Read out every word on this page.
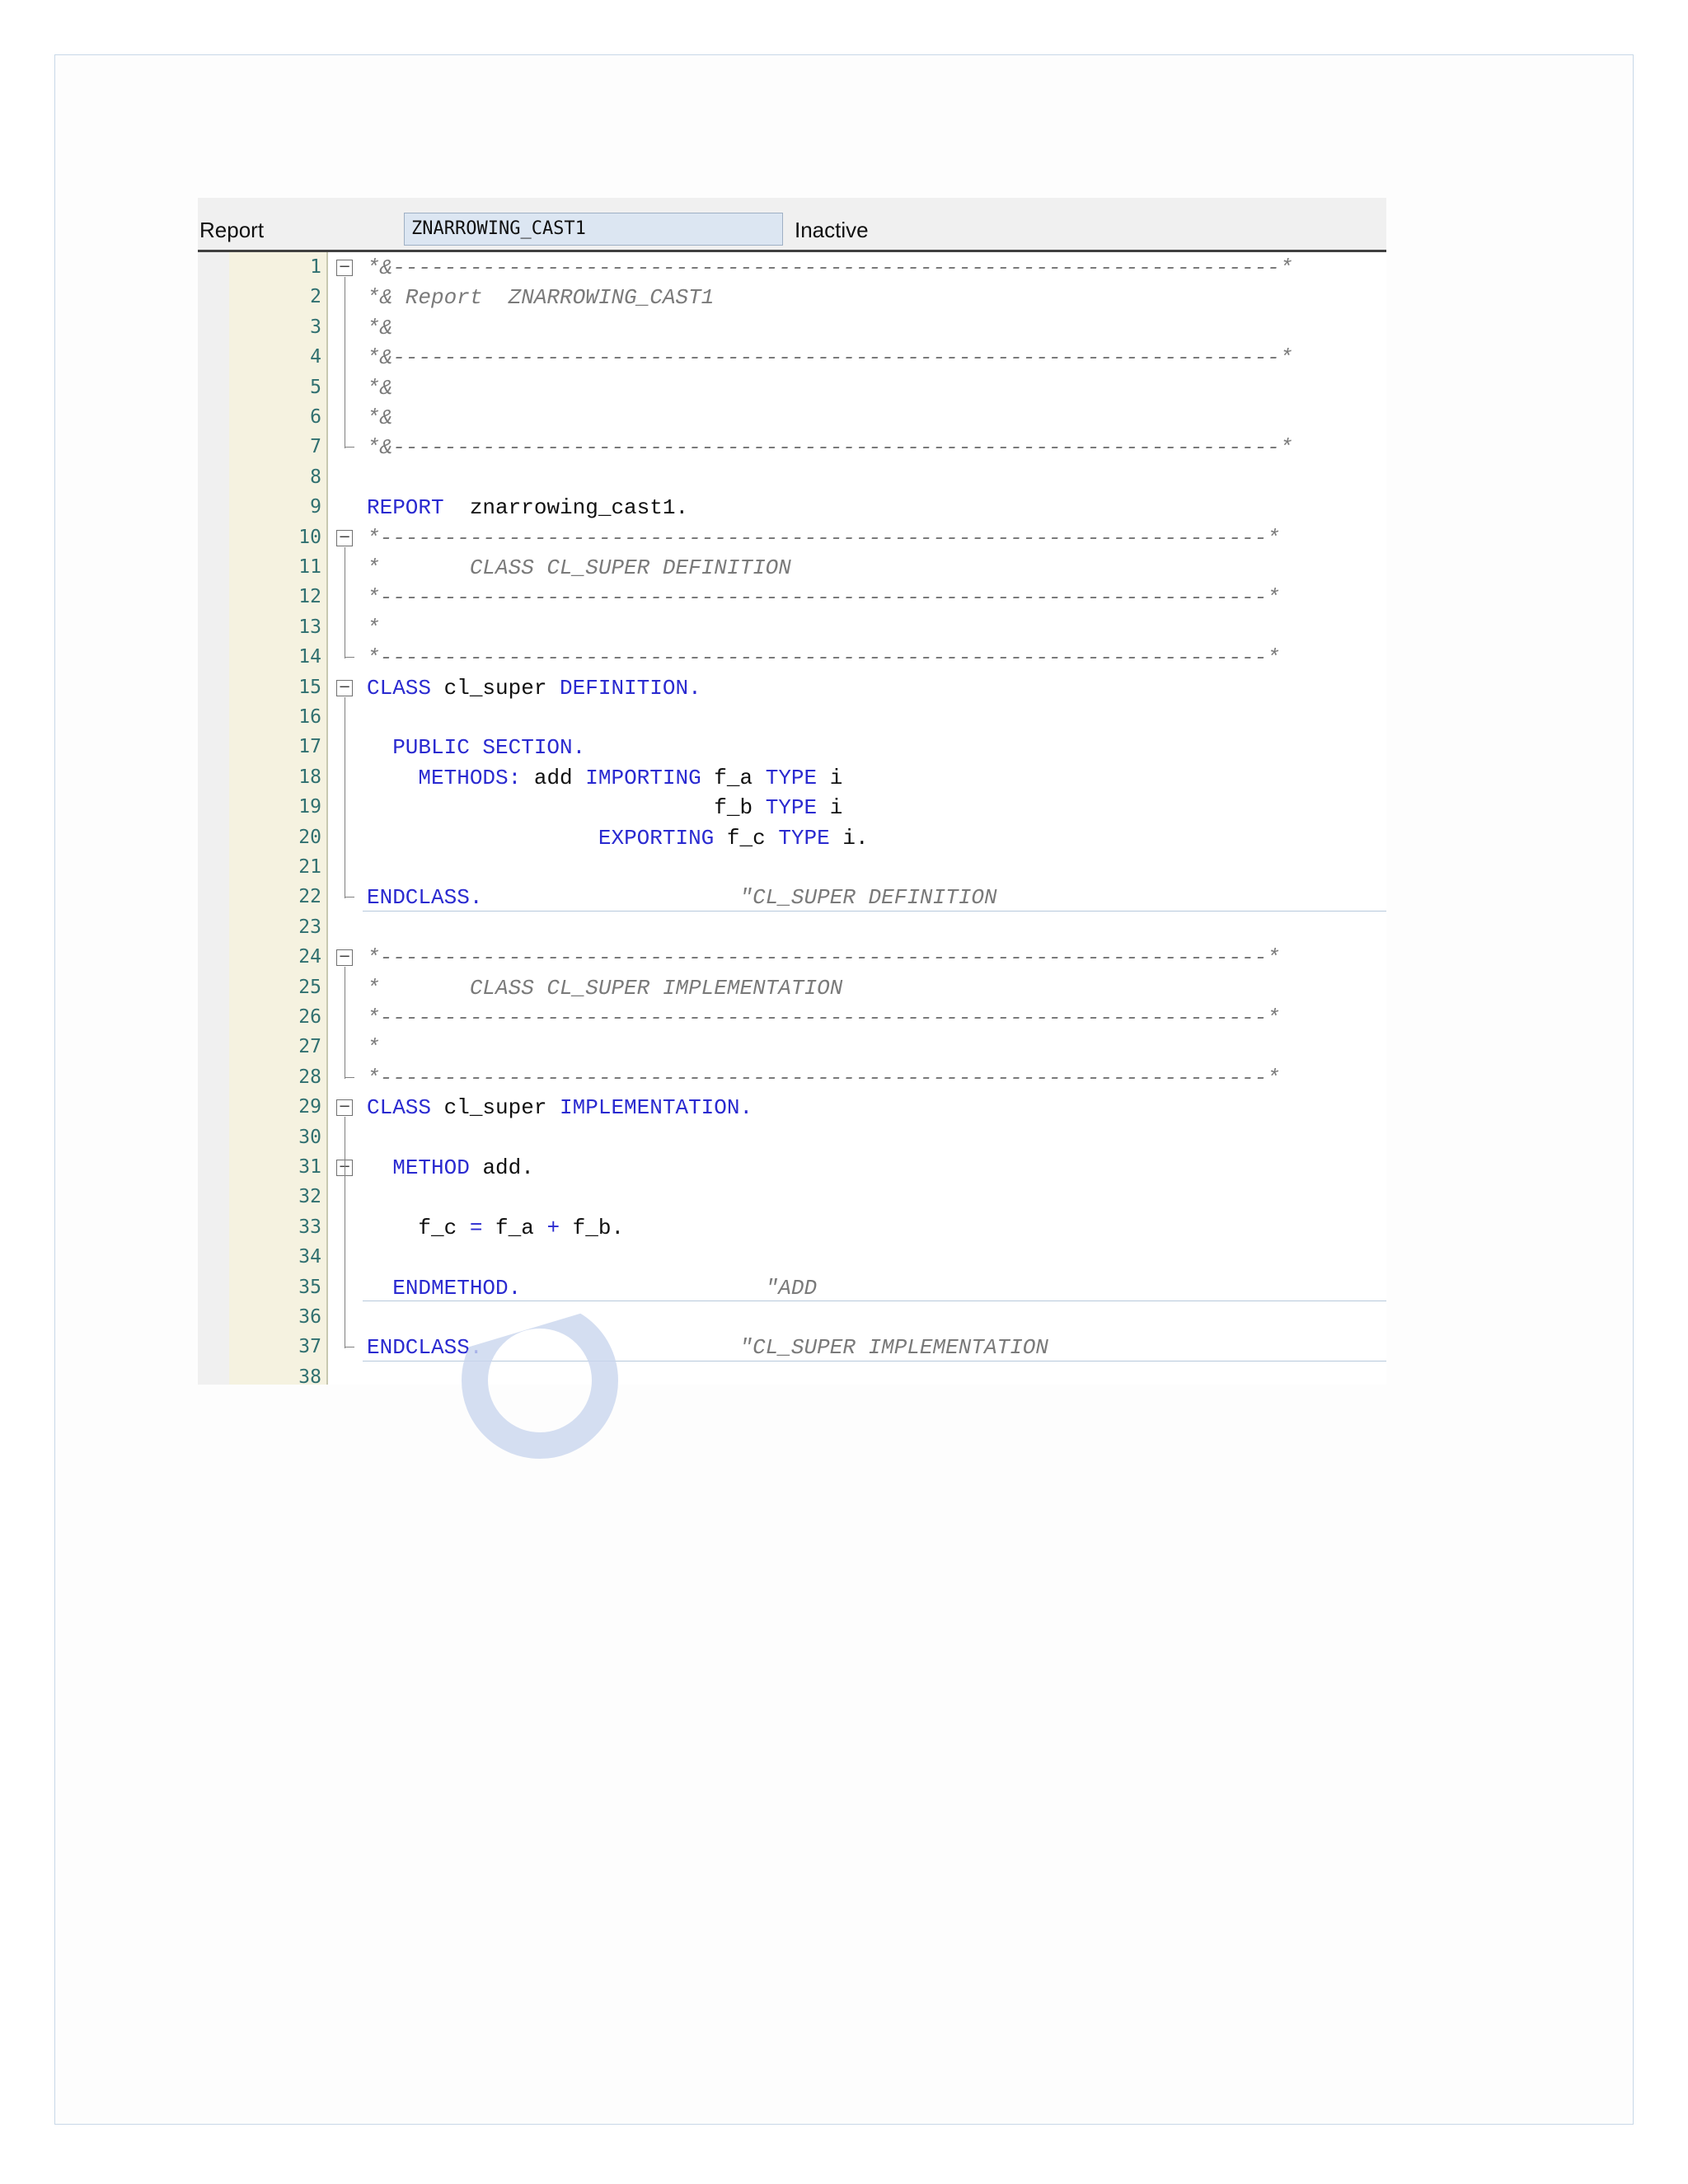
Report	ZNARROWING_CAST1	Inactive
1 − *&---------------------------------------------------------------------*
2 *& Report  ZNARROWING_CAST1
3 *&
4 *&---------------------------------------------------------------------*
5 *&
6 *&
7 *&---------------------------------------------------------------------*
8
9 REPORT  znarrowing_cast1.
10 − *---------------------------------------------------------------------*
11 *       CLASS CL_SUPER DEFINITION
12 *---------------------------------------------------------------------*
13 *
14 *---------------------------------------------------------------------*
15 − CLASS cl_super DEFINITION.
16
17 PUBLIC SECTION.
18	METHODS: add IMPORTING f_a TYPE i
19 f_b TYPE i
20	EXPORTING f_c TYPE i.
21
22 ENDCLASS.	"CL_SUPER DEFINITION
23
24 − *---------------------------------------------------------------------*
25 *       CLASS CL_SUPER IMPLEMENTATION
26 *---------------------------------------------------------------------*
27 *
28 *---------------------------------------------------------------------*
29 − CLASS cl_super IMPLEMENTATION.
30
31 −	METHOD add.
32
33 f_c = f_a + f_b.
34
35	ENDMETHOD.	"ADD
36
37 ENDCLASS.	"CL_SUPER IMPLEMENTATION
38
